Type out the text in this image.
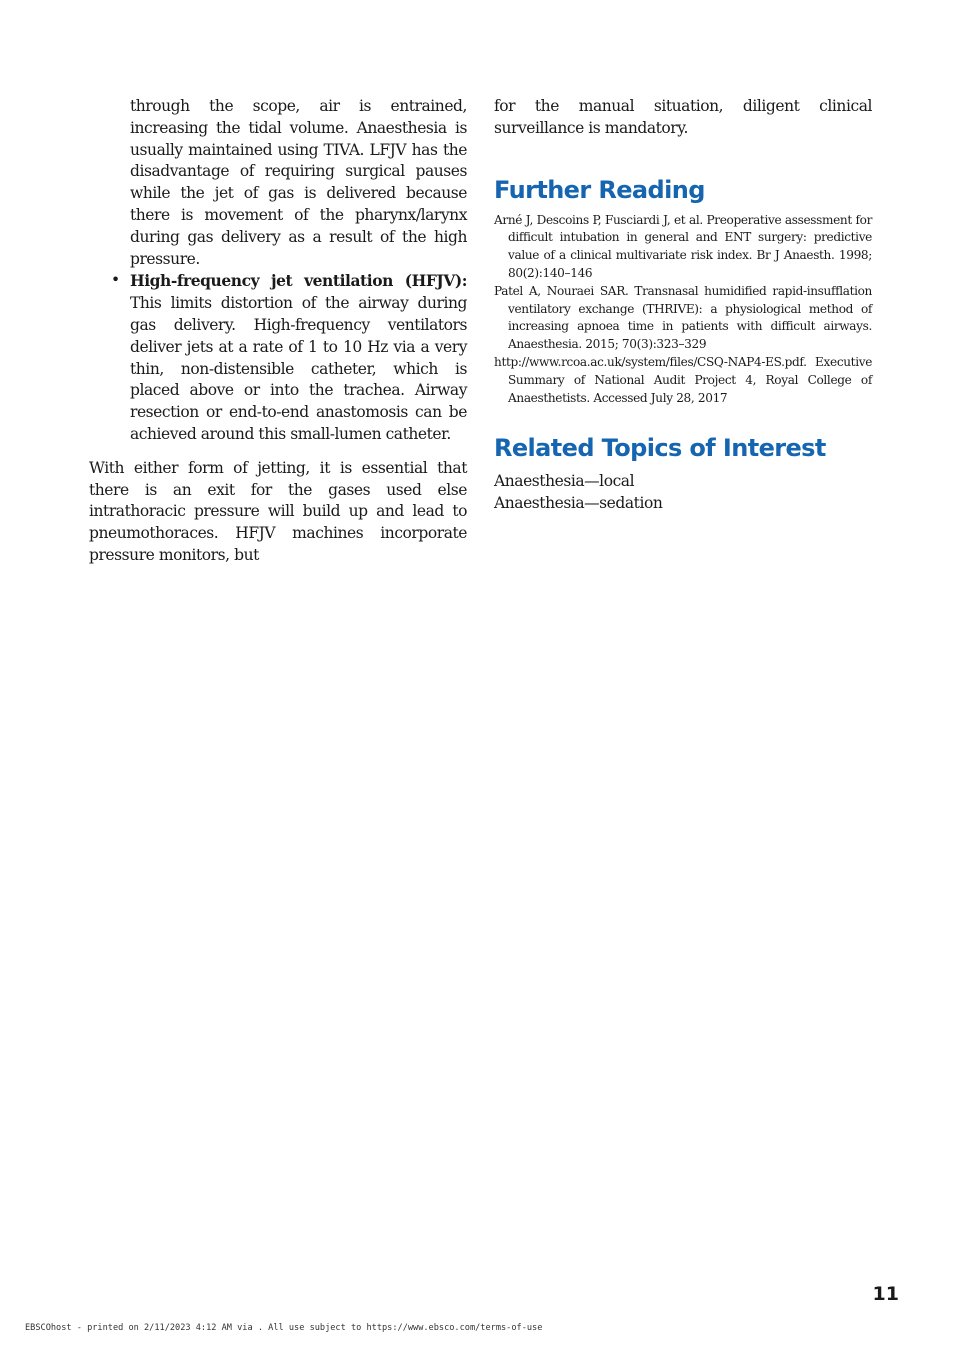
through the scope, air is entrained, increasing the tidal volume. Anaesthesia is usually maintained using TIVA. LFJV has the disadvantage of requiring surgical pauses while the jet of gas is delivered because there is movement of the pharynx/larynx during gas delivery as a result of the high pressure.

• High-frequency jet ventilation (HFJV): This limits distortion of the airway during gas delivery. High-frequency ventilators deliver jets at a rate of 1 to 10 Hz via a very thin, non-distensible catheter, which is placed above or into the trachea. Airway resection or end-to-end anastomosis can be achieved around this small-lumen catheter.

With either form of jetting, it is essential that there is an exit for the gases used else intrathoracic pressure will build up and lead to pneumothoraces. HFJV machines incorporate pressure monitors, but

for the manual situation, diligent clinical surveillance is mandatory.

Further Reading
Arné J, Descoins P, Fusciardi J, et al. Preoperative assessment for difficult intubation in general and ENT surgery: predictive value of a clinical multivariate risk index. Br J Anaesth. 1998; 80(2):140–146
Patel A, Nouraei SAR. Transnasal humidified rapid-insufflation ventilatory exchange (THRIVE): a physiological method of increasing apnoea time in patients with difficult airways. Anaesthesia. 2015; 70(3):323–329
http://www.rcoa.ac.uk/system/files/CSQ-NAP4-ES.pdf. Executive Summary of National Audit Project 4, Royal College of Anaesthetists. Accessed July 28, 2017
Related Topics of Interest
Anaesthesia—local
Anaesthesia—sedation
11
EBSCOhost - printed on 2/11/2023 4:12 AM via . All use subject to https://www.ebsco.com/terms-of-use
